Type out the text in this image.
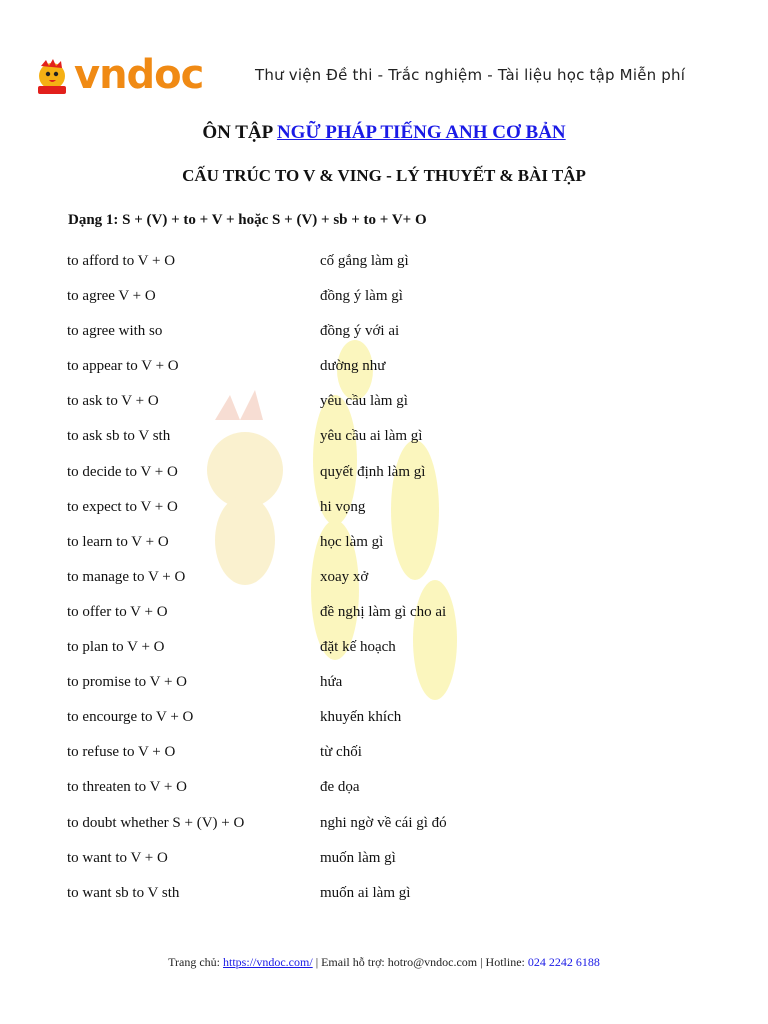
vndoc	Thư viện Đề thi - Trắc nghiệm - Tài liệu học tập Miễn phí
ÔN TẬP NGỮ PHÁP TIẾNG ANH CƠ BẢN
CẤU TRÚC TO V & VING - LÝ THUYẾT & BÀI TẬP
Dạng 1: S + (V) + to + V + hoặc S + (V) + sb + to + V+ O
to afford to V + O	cố gắng làm gì
to agree V + O	đồng ý làm gì
to agree with so	đồng ý với ai
to appear to V + O	dường như
to ask to V + O	yêu cầu làm gì
to ask sb to V sth	yêu cầu ai làm gì
to decide to V + O	quyết định làm gì
to expect to V + O	hi vọng
to learn to V + O	học làm gì
to manage to V + O	xoay xở
to offer to V + O	đề nghị làm gì cho ai
to plan to V + O	đặt kế hoạch
to promise to V + O	hứa
to encourge to V + O	khuyến khích
to refuse to V + O	từ chối
to threaten to V + O	đe dọa
to doubt whether S + (V) + O	nghi ngờ về cái gì đó
to want to V + O	muốn làm gì
to want sb to V sth	muốn ai làm gì
Trang chủ: https://vndoc.com/ | Email hỗ trợ: hotro@vndoc.com | Hotline: 024 2242 6188
